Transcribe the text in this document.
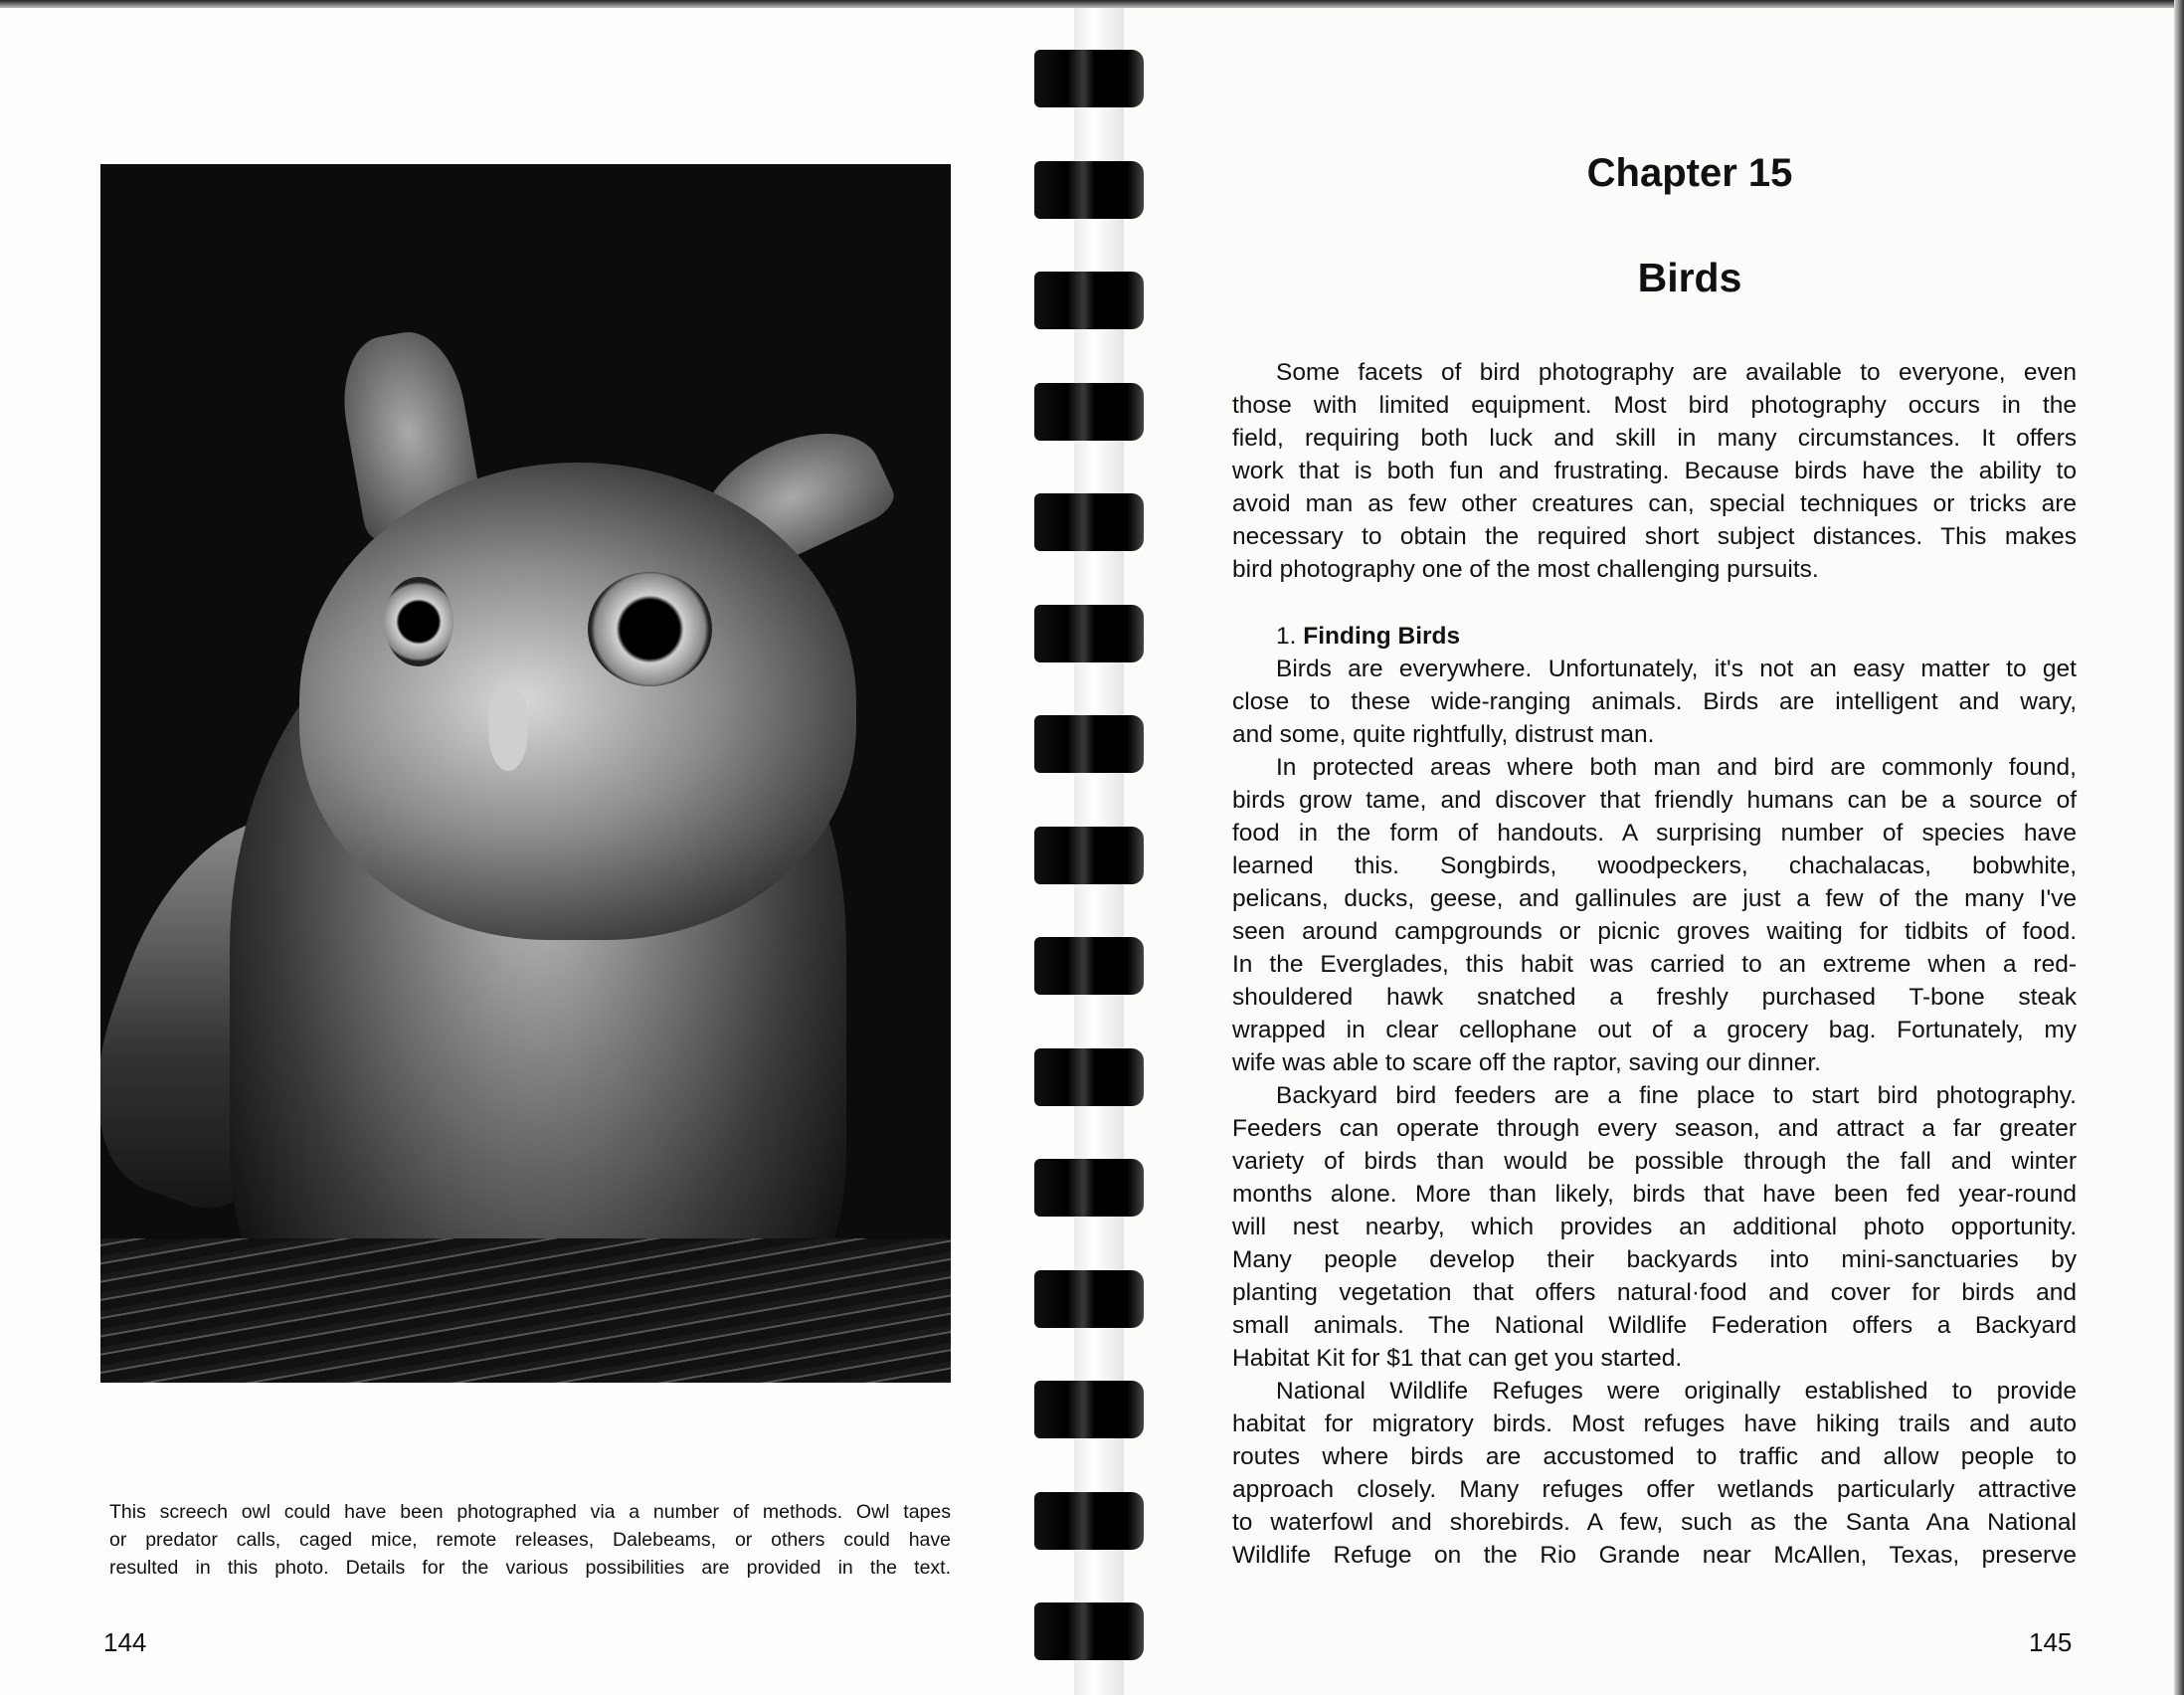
This screech owl could have been photographed via a number of methods. Owl tapes
or predator calls, caged mice, remote releases, Dalebeams, or others could have
resulted in this photo. Details for the various possibilities are provided in the text.
144
Chapter 15
Birds
Some facets of bird photography are available to everyone, even
those with limited equipment. Most bird photography occurs in the
field, requiring both luck and skill in many circumstances. It offers
work that is both fun and frustrating. Because birds have the ability to
avoid man as few other creatures can, special techniques or tricks are
necessary to obtain the required short subject distances. This makes
bird photography one of the most challenging pursuits.
1. Finding Birds
Birds are everywhere. Unfortunately, it's not an easy matter to get
close to these wide-ranging animals. Birds are intelligent and wary,
and some, quite rightfully, distrust man.
In protected areas where both man and bird are commonly found,
birds grow tame, and discover that friendly humans can be a source of
food in the form of handouts. A surprising number of species have
learned this. Songbirds, woodpeckers, chachalacas, bobwhite,
pelicans, ducks, geese, and gallinules are just a few of the many I've
seen around campgrounds or picnic groves waiting for tidbits of food.
In the Everglades, this habit was carried to an extreme when a red-
shouldered hawk snatched a freshly purchased T-bone steak
wrapped in clear cellophane out of a grocery bag. Fortunately, my
wife was able to scare off the raptor, saving our dinner.
Backyard bird feeders are a fine place to start bird photography.
Feeders can operate through every season, and attract a far greater
variety of birds than would be possible through the fall and winter
months alone. More than likely, birds that have been fed year-round
will nest nearby, which provides an additional photo opportunity.
Many people develop their backyards into mini-sanctuaries by
planting vegetation that offers natural·food and cover for birds and
small animals. The National Wildlife Federation offers a Backyard
Habitat Kit for $1 that can get you started.
National Wildlife Refuges were originally established to provide
habitat for migratory birds. Most refuges have hiking trails and auto
routes where birds are accustomed to traffic and allow people to
approach closely. Many refuges offer wetlands particularly attractive
to waterfowl and shorebirds. A few, such as the Santa Ana National
Wildlife Refuge on the Rio Grande near McAllen, Texas, preserve
145
